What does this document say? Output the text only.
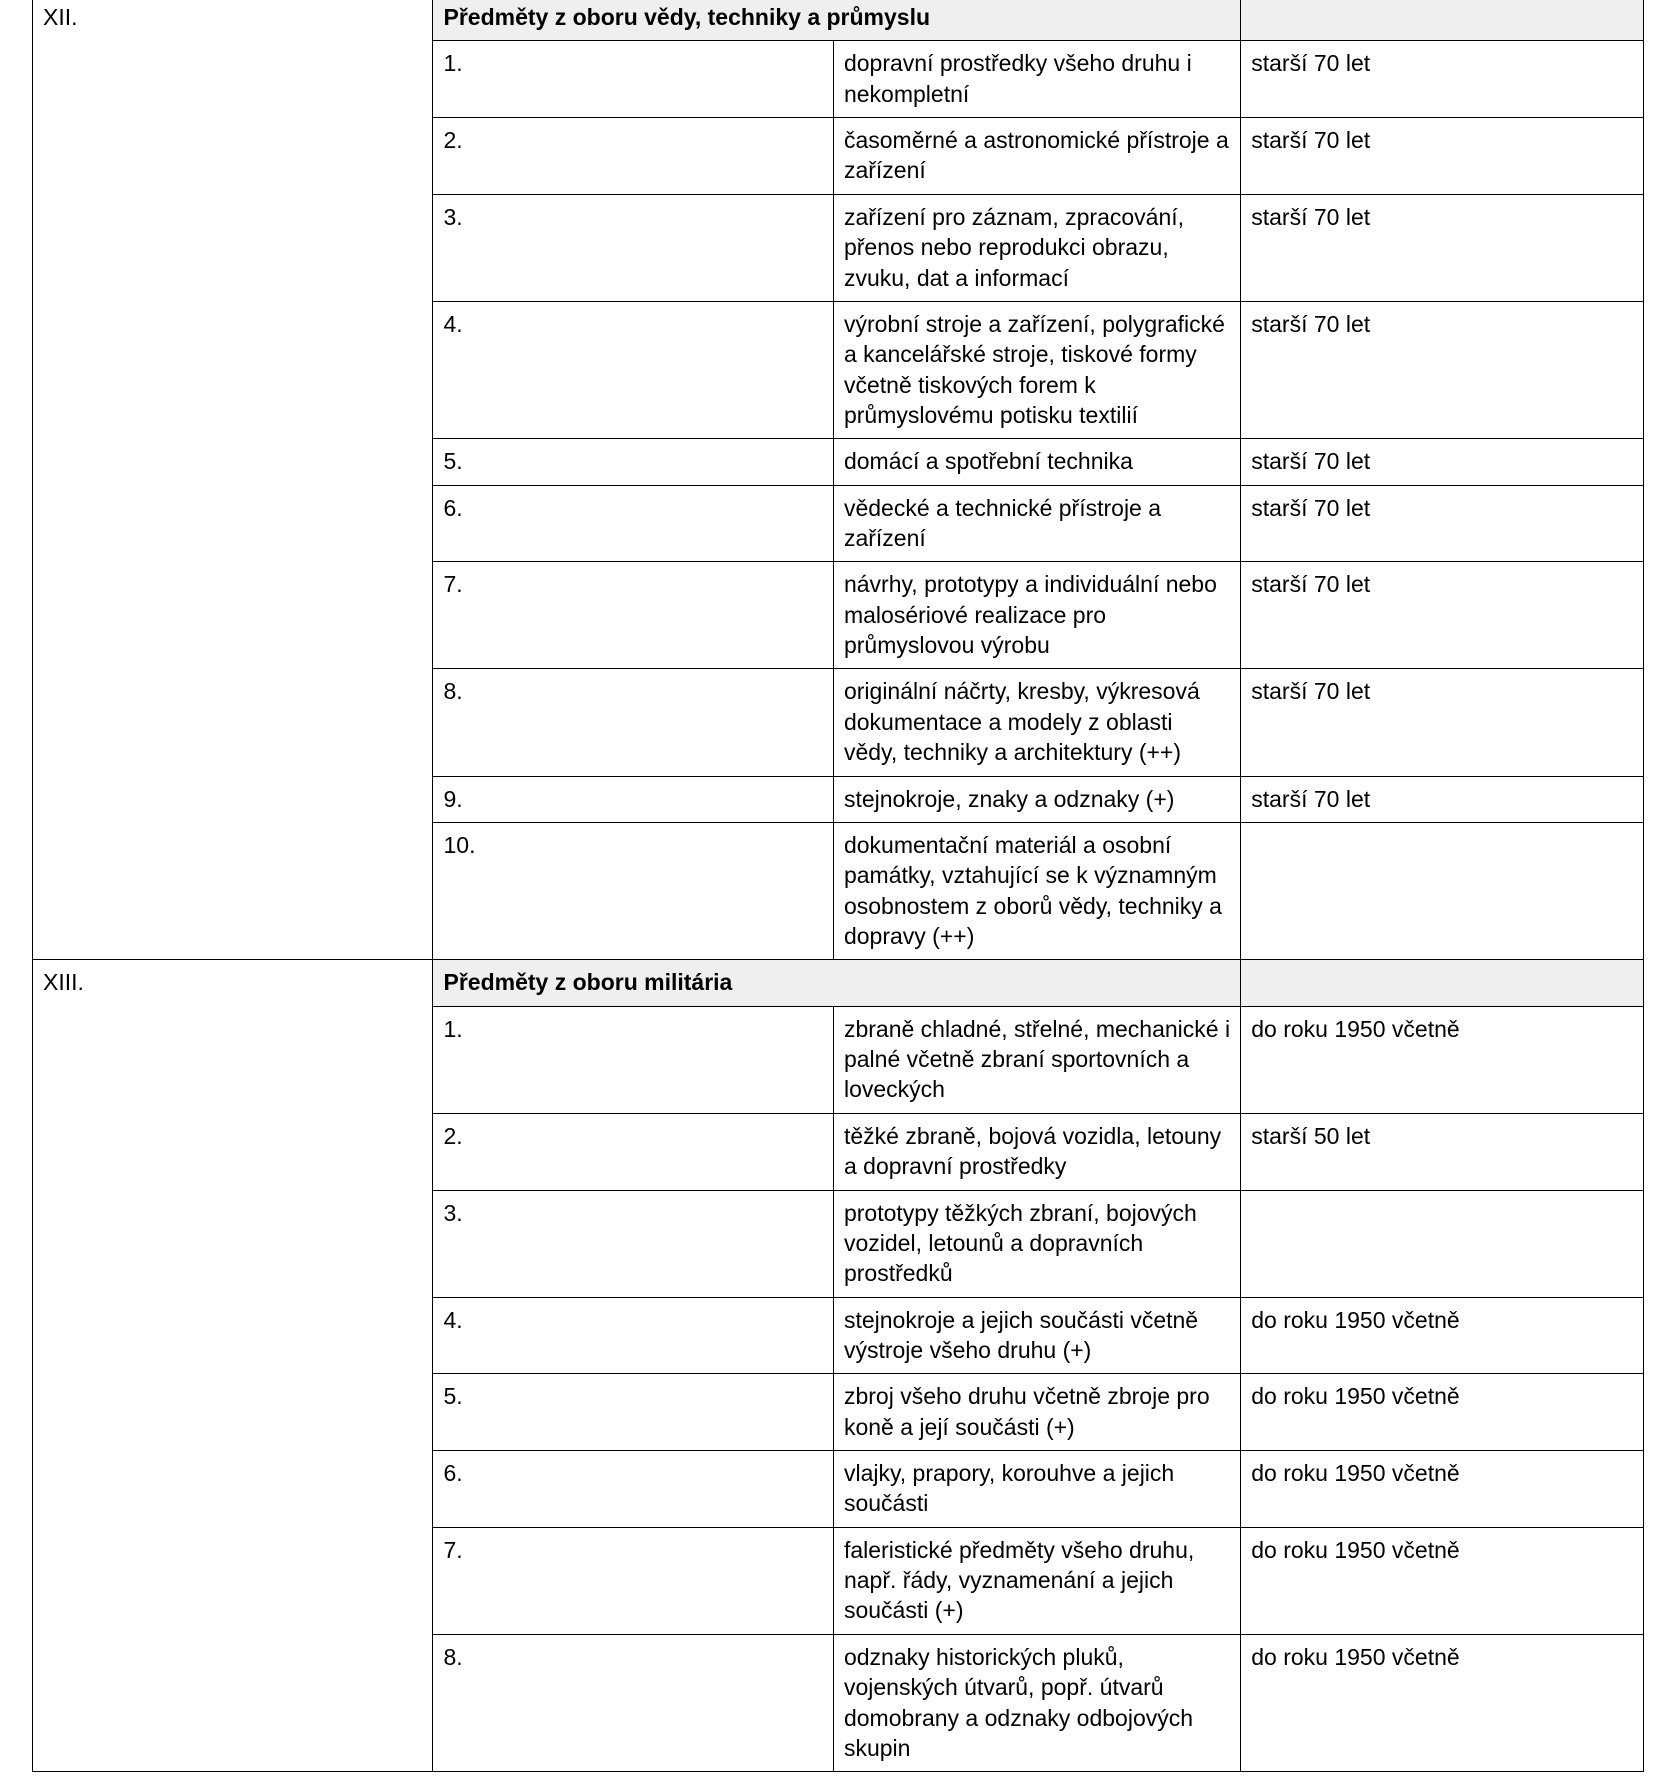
XII.	Předměty z oboru vědy, techniky a průmyslu		
	1.	dopravní prostředky všeho druhu i nekompletní	starší 70 let
	2.	časoměrné a astronomické přístroje a zařízení	starší 70 let
	3.	zařízení pro záznam, zpracování, přenos nebo reprodukci obrazu, zvuku, dat a informací	starší 70 let
	4.	výrobní stroje a zařízení, polygrafické a kancelářské stroje, tiskové formy včetně tiskových forem k průmyslovému potisku textilií	starší 70 let
	5.	domácí a spotřební technika	starší 70 let
	6.	vědecké a technické přístroje a zařízení	starší 70 let
	7.	návrhy, prototypy a individuální nebo malosériové realizace pro průmyslovou výrobu	starší 70 let
	8.	originální náčrty, kresby, výkresová dokumentace a modely z oblasti vědy, techniky a architektury (++)	starší 70 let
	9.	stejnokroje, znaky a odznaky (+)	starší 70 let
	10.	dokumentační materiál a osobní památky, vztahující se k významným osobnostem z oborů vědy, techniky a dopravy (++)	
XIII.	Předměty z oboru militária		
	1.	zbraně chladné, střelné, mechanické i palné včetně zbraní sportovních a loveckých	do roku 1950 včetně
	2.	těžké zbraně, bojová vozidla, letouny a dopravní prostředky	starší 50 let
	3.	prototypy těžkých zbraní, bojových vozidel, letounů a dopravních prostředků	
	4.	stejnokroje a jejich součásti včetně výstroje všeho druhu (+)	do roku 1950 včetně
	5.	zbroj všeho druhu včetně zbroje pro koně a její součásti (+)	do roku 1950 včetně
	6.	vlajky, prapory, korouhve a jejich součásti	do roku 1950 včetně
	7.	faleristické předměty všeho druhu, např. řády, vyznamenání a jejich součásti (+)	do roku 1950 včetně
	8.	odznaky historických pluků, vojenských útvarů, popř. útvarů domobrany a odznaky odbojových skupin	do roku 1950 včetně
